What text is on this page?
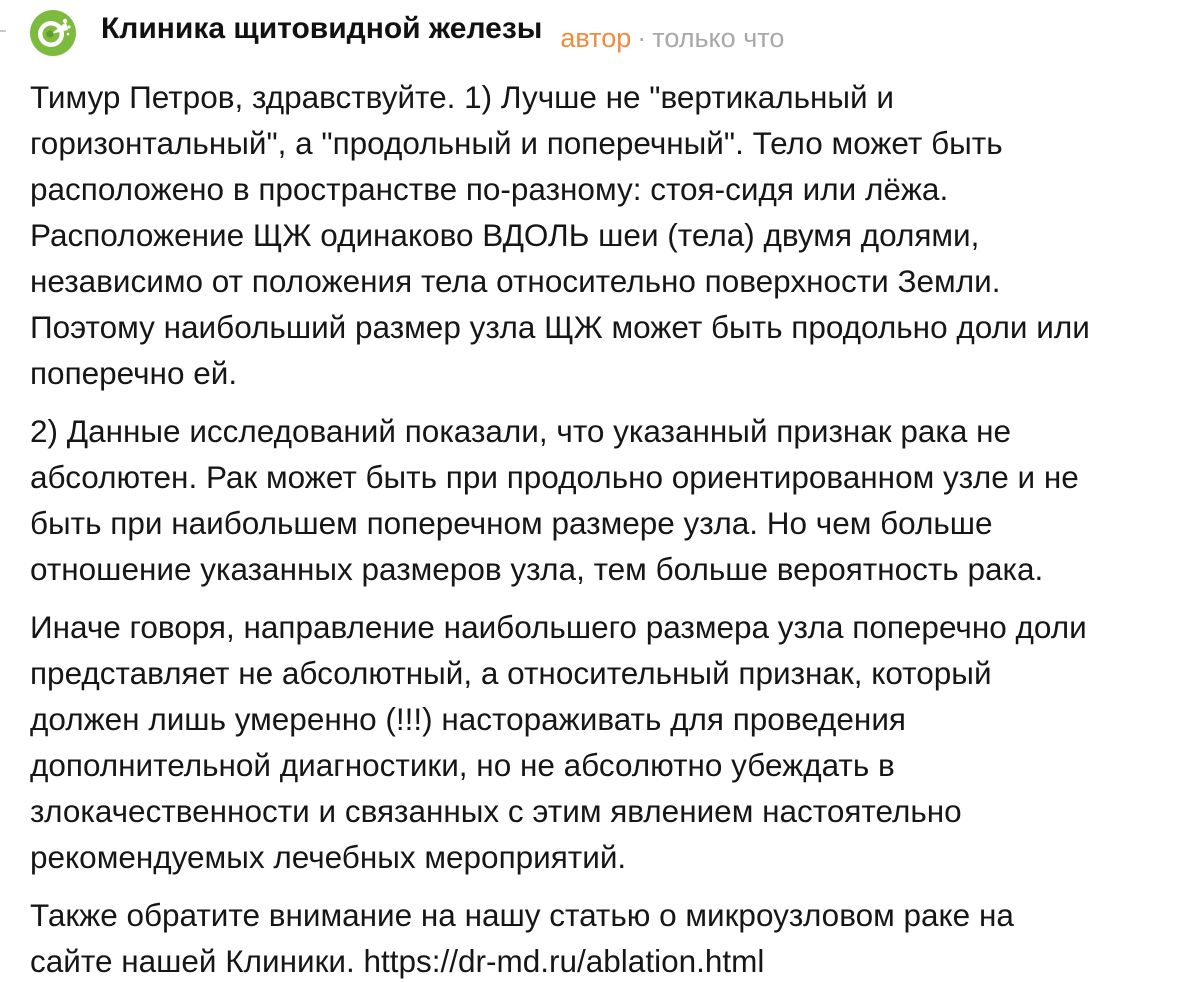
Клиника щитовидной железы автор · только что

Тимур Петров, здравствуйте. 1) Лучше не "вертикальный и
горизонтальный", а "продольный и поперечный". Тело может быть
расположено в пространстве по-разному: стоя-сидя или лёжа.
Расположение ЩЖ одинаково ВДОЛЬ шеи (тела) двумя долями,
независимо от положения тела относительно поверхности Земли.
Поэтому наибольший размер узла ЩЖ может быть продольно доли или
поперечно ей.

2) Данные исследований показали, что указанный признак рака не
абсолютен. Рак может быть при продольно ориентированном узле и не
быть при наибольшем поперечном размере узла. Но чем больше
отношение указанных размеров узла, тем больше вероятность рака.

Иначе говоря, направление наибольшего размера узла поперечно доли
представляет не абсолютный, а относительный признак, который
должен лишь умеренно (!!!) настораживать для проведения
дополнительной диагностики, но не абсолютно убеждать в
злокачественности и связанных с этим явлением настоятельно
рекомендуемых лечебных мероприятий.

Также обратите внимание на нашу статью о микроузловом раке на
сайте нашей Клиники. https://dr-md.ru/ablation.html
